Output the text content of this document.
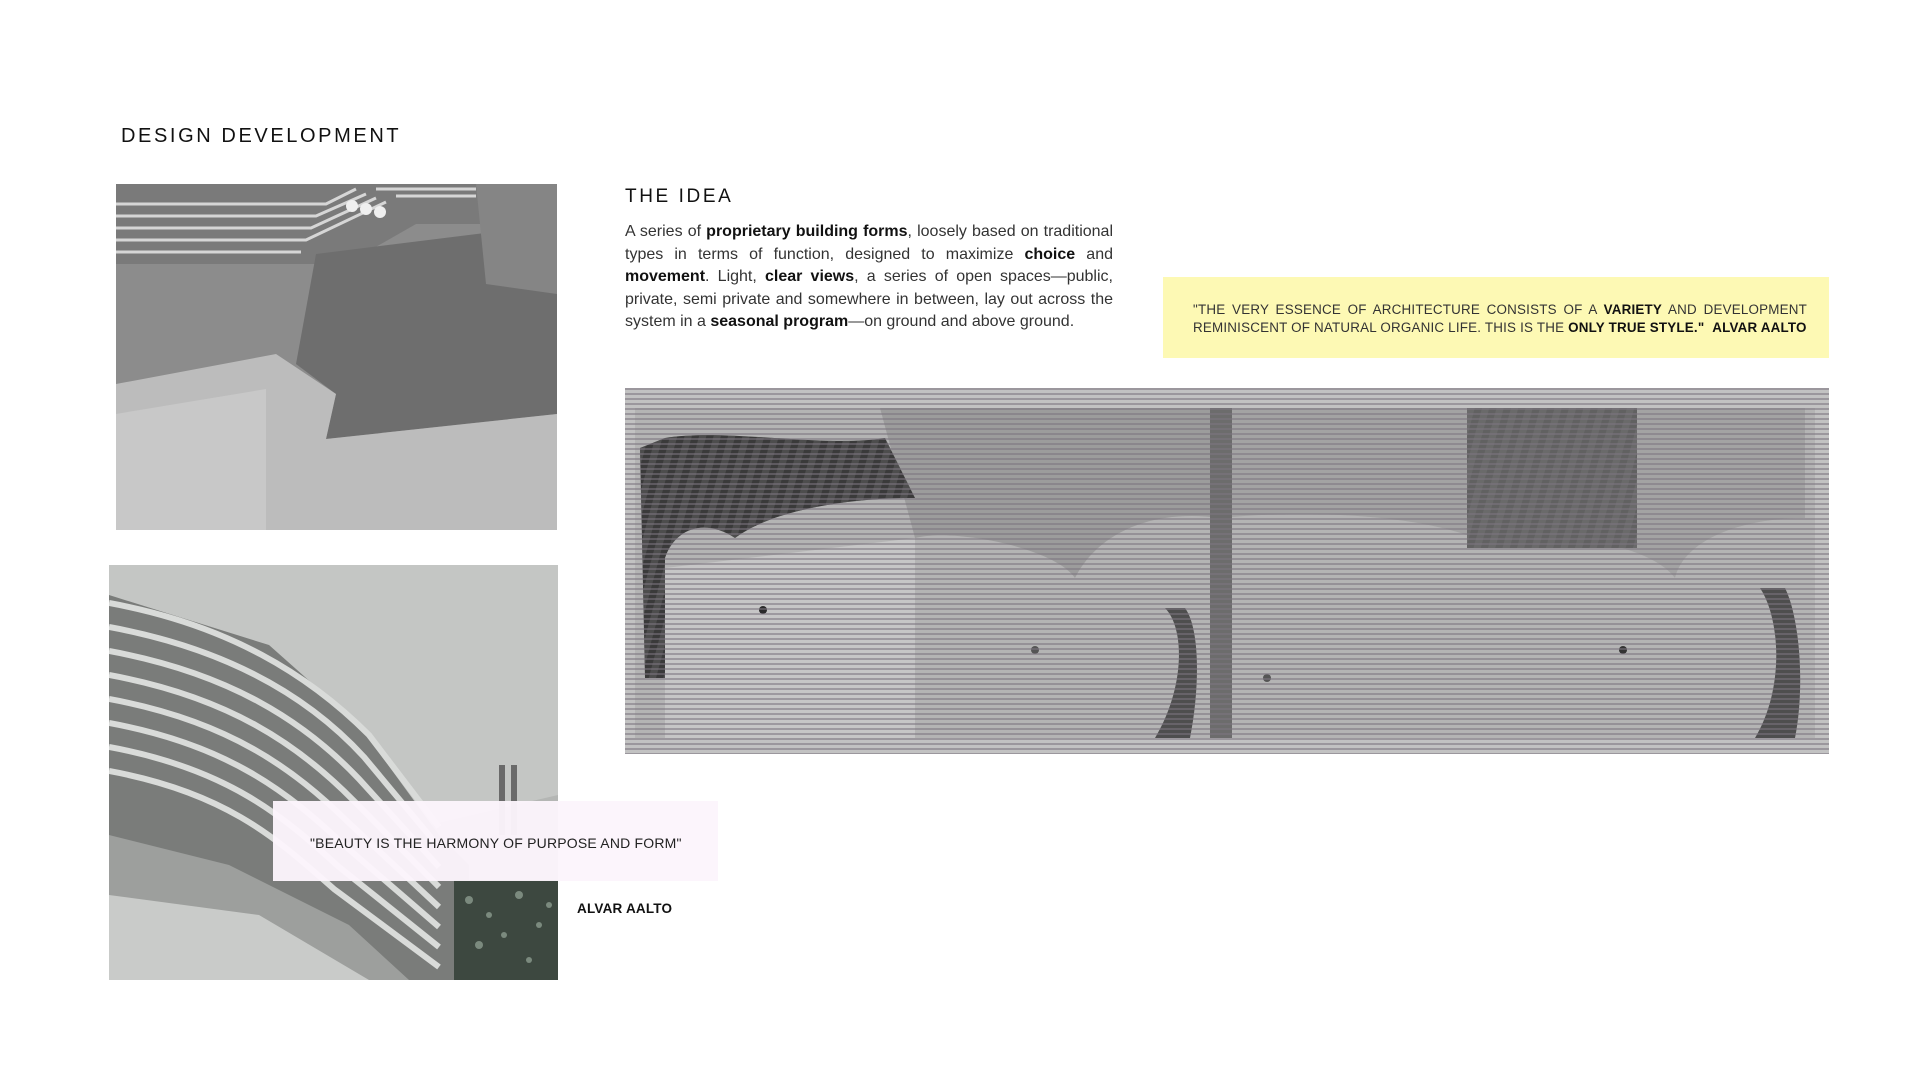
DESIGN DEVELOPMENT
THE IDEA
A series of proprietary building forms, loosely based on traditional types in terms of function, designed to maximize choice and movement. Light, clear views, a series of open spaces—public, private, semi private and somewhere in between, lay out across the system in a seasonal program—on ground and above ground.
"THE VERY ESSENCE OF ARCHITECTURE CONSISTS OF A VARIETY AND DEVELOPMENT REMINISCENT OF NATURAL ORGANIC LIFE. THIS IS THE ONLY TRUE STYLE." ALVAR AALTO
"BEAUTY IS THE HARMONY OF PURPOSE AND FORM"
ALVAR AALTO
